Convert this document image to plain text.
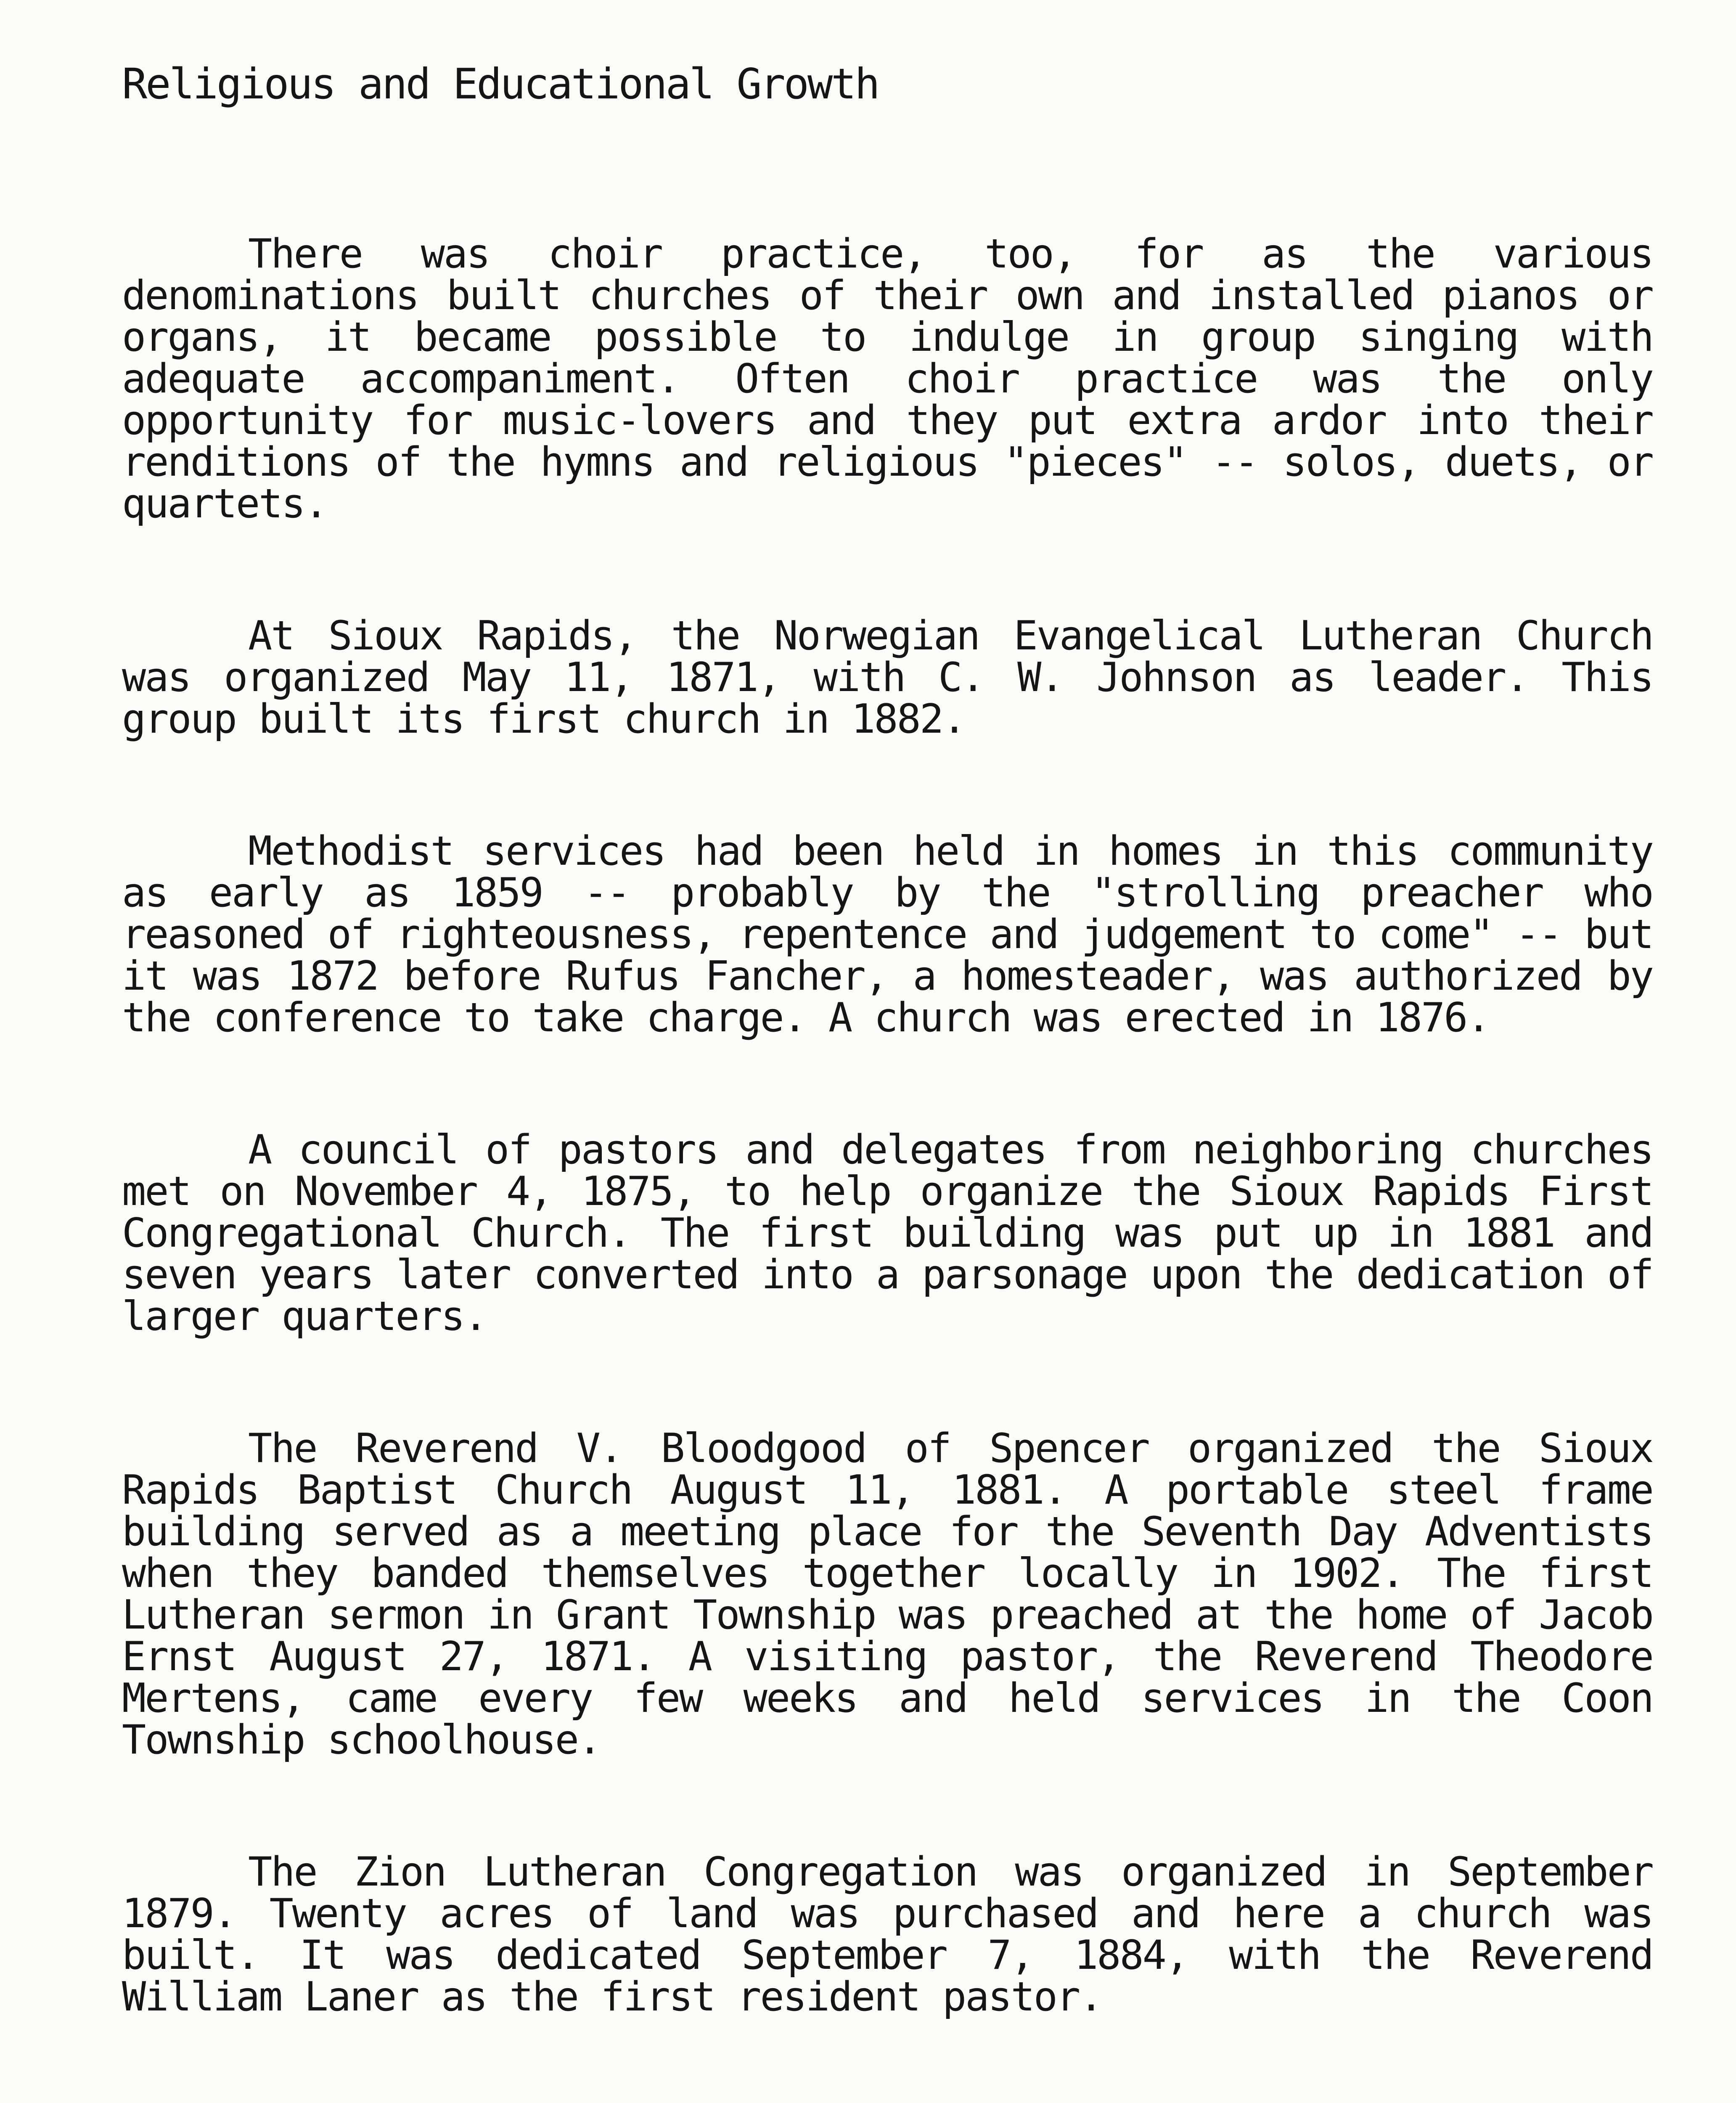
Religious and Educational Growth

There was choir practice, too, for as the various denominations built churches of their own and installed pianos or organs, it became possible to indulge in group singing with adequate accompaniment. Often choir practice was the only opportunity for music-lovers and they put extra ardor into their renditions of the hymns and religious "pieces" -- solos, duets, or quartets.

At Sioux Rapids, the Norwegian Evangelical Lutheran Church was organized May 11, 1871, with C. W. Johnson as leader. This group built its first church in 1882.

Methodist services had been held in homes in this community as early as 1859 -- probably by the "strolling preacher who reasoned of righteousness, repentence and judgement to come" -- but it was 1872 before Rufus Fancher, a homesteader, was authorized by the conference to take charge. A church was erected in 1876.

A council of pastors and delegates from neighboring churches met on November 4, 1875, to help organize the Sioux Rapids First Congregational Church. The first building was put up in 1881 and seven years later converted into a parsonage upon the dedication of larger quarters.

The Reverend V. Bloodgood of Spencer organized the Sioux Rapids Baptist Church August 11, 1881. A portable steel frame building served as a meeting place for the Seventh Day Adventists when they banded themselves together locally in 1902. The first Lutheran sermon in Grant Township was preached at the home of Jacob Ernst August 27, 1871. A visiting pastor, the Reverend Theodore Mertens, came every few weeks and held services in the Coon Township schoolhouse.

The Zion Lutheran Congregation was organized in September 1879. Twenty acres of land was purchased and here a church was built. It was dedicated September 7, 1884, with the Reverend William Laner as the first resident pastor.
